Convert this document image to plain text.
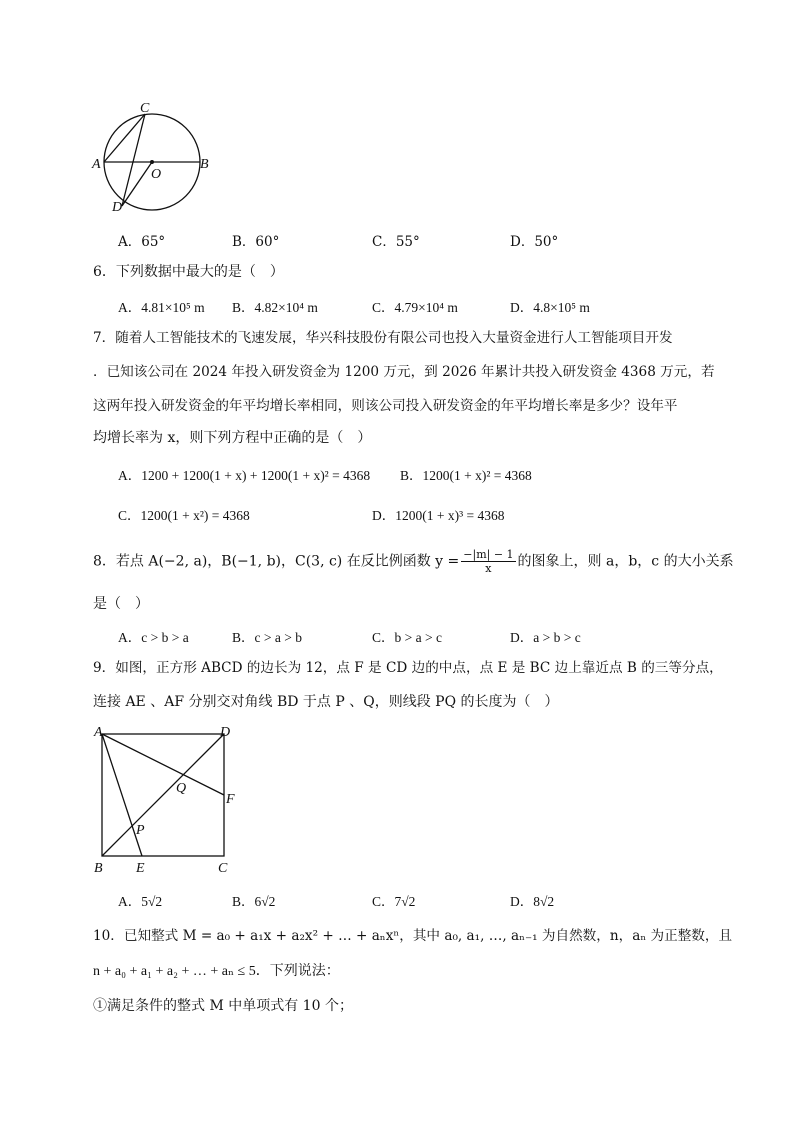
C
A
O
B
D
A．65°	B．60°	C．55°	D．50°
6．下列数据中最大的是（　）
A．4.81×10⁵ m B．4.82×10⁴ m	C．4.79×10⁴ m	D．4.8×10⁵ m
7．随着人工智能技术的飞速发展，华兴科技股份有限公司也投入大量资金进行人工智能项目开发
．已知该公司在 2024 年投入研发资金为 1200 万元，到 2026 年累计共投入研发资金 4368 万元，若
这两年投入研发资金的年平均增长率相同，则该公司投入研发资金的年平均增长率是多少？设年平
均增长率为 x，则下列方程中正确的是（　）
A．1200 + 1200(1 + x) + 1200(1 + x)² = 4368 B．1200(1 + x)² = 4368
C．1200(1 + x²) = 4368	D．1200(1 + x)³ = 4368
8．若点 A(−2, a)，B(−1, b)，C(3, c) 在反比例函数 $y = \frac{-|m| - 1}{x}$ 的图象上，则 a，b，c 的大小关系
是（　）
A．c > b > a	B．c > a > b	C．b > a > c	D．a > b > c
9．如图，正方形 ABCD 的边长为 12，点 F 是 CD 边的中点，点 E 是 BC 边上靠近点 B 的三等分点，
连接 AE 、AF 分别交对角线 BD 于点 P 、Q，则线段 PQ 的长度为（　）
A	D
Q
F
P
B E	C
A．5√2	B．6√2	C．7√2	D．8√2
10．已知整式 M = a₀ + a₁x + a₂x² + … + aₙxⁿ，其中 a₀, a₁, …, aₙ₋₁ 为自然数，n，aₙ 为正整数，且
n + a₀ + a₁ + a₂ + … + aₙ ≤ 5．下列说法：
①满足条件的整式 M 中单项式有 10 个；
